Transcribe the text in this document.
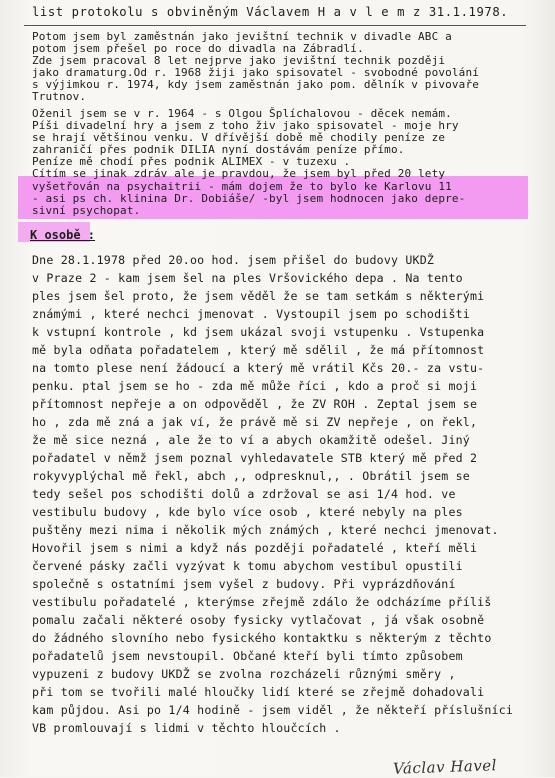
list protokolu s obviněným Václavem H a v l e m z 31.1.1978.

Potom jsem byl zaměstnán jako jevištní technik v divadle ABC a

potom jsem přešel po roce do divadla na Zábradlí.

Zde jsem pracoval 8 let nejprve jako jevištní technik později

jako dramaturg.Od r. 1968 žiji jako spisovatel - svobodné povolání

s výjimkou r. 1974, kdy jsem zaměstnán jako pom. dělník v pivovaře

Trutnov.

Oženil jsem se v r. 1964 - s Olgou Šplíchalovou - děcek nemám.

Píši divadelní hry a jsem z toho živ jako spisovatel - moje hry

se hrají většinou venku. V dřívější době mě chodily peníze ze

zahraničí přes podnik DILIA nyní dostávám peníze přímo.

Peníze mě chodí přes podnik ALIMEX - v tuzexu .

Cítím se jinak zdráv ale je pravdou, že jsem byl před 20 lety

vyšetřován na psychaitrii - mám dojem že to bylo ke Karlovu 11

- asi ps ch. klinina Dr. Dobiáše/ -byl jsem hodnocen jako depre-

sivní psychopat.

K osobě :

Dne 28.1.1978 před 20.oo hod. jsem přišel do budovy UKDŽ

v Praze 2 - kam jsem šel na ples Vršovického depa . Na tento

ples jsem šel proto, že jsem věděl že se tam setkám s některými

známými , které nechci jmenovat . Vystoupil jsem po schodišti

k vstupní kontrole , kd jsem ukázal svoji vstupenku . Vstupenka

mě byla odňata pořadatelem , který mě sdělil , že má přítomnost

na tomto plese není žádoucí a který mě vrátil Kčs 20.- za vstu-

penku. ptal jsem se ho - zda mě může říci , kdo a proč si moji

přítomnost nepřeje a on odpověděl , že ZV ROH . Zeptal jsem se

ho , zda mě zná a jak ví, že právě mě si ZV nepřeje , on řekl,

že mě sice nezná , ale že to ví a abych okamžitě odešel. Jiný

pořadatel v němž jsem poznal vyhledavatele STB který mě před 2

rokyvyplýchal mě řekl, abch ,, odpresknul,, . Obrátil jsem se

tedy sešel pos schodišti dolů a zdržoval se asi 1/4 hod. ve

vestibulu budovy , kde bylo více osob , které nebyly na ples

puštěny mezi nima i několik mých známých , které nechci jmenovat.

Hovořil jsem s nimi a když nás později pořadatelé , kteří měli

červené pásky začli vyzývat k tomu abychom vestibul opustili

společně s ostatními jsem vyšel z budovy. Při vyprázdňování

vestibulu pořadatelé , kterýmse zřejmě zdálo že odcházíme příliš

pomalu začali některé osoby fysicky vytlačovat , já však osobně

do žádného slovního nebo fysického kontaktku s některým z těchto

pořadatelů jsem nevstoupil. Občané kteří byli tímto způsobem

vypuzeni z budovy UKDŽ se zvolna rozcházeli různými směry ,

při tom se tvořili malé hloučky lidí které se zřejmě dohadovali

kam půjdou. Asi po 1/4 hodině - jsem viděl , že někteří příslušníci

VB promlouvají s lidmi v těchto hloučcích .

Václav Havel
